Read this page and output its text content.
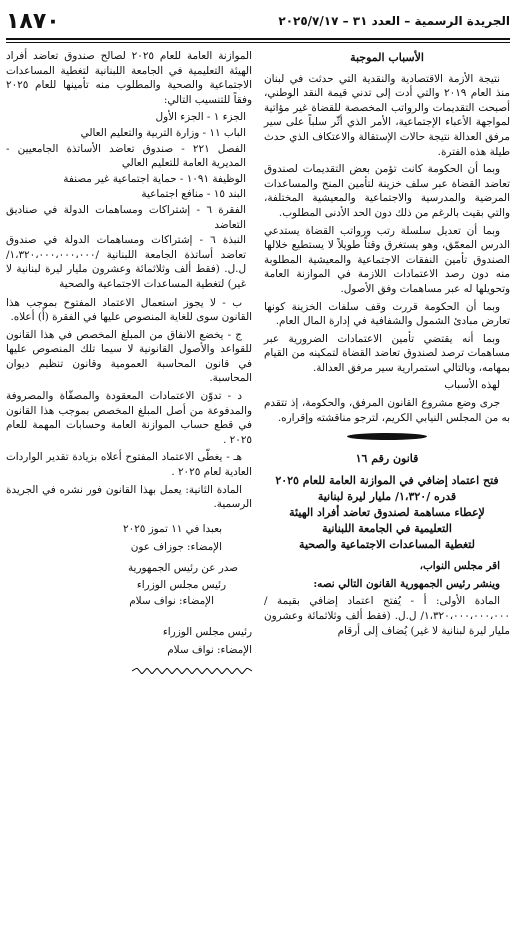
١٨٧٠	الجريدة الرسمية – العدد ٣١ – ٢٠٢٥/٧/١٧
الأسباب الموجبة

نتيجة الأزمة الاقتصادية والنقدية التي حدثت في لبنان منذ العام ٢٠١٩ والتي أدت إلى تدني قيمة النقد الوطني، أصبحت التقديمات والرواتب المخصصة للقضاة غير مؤاتية لمواجهة الأعباء الإجتماعية، الأمر الذي أثّر سلباً على سير مرفق العدالة نتيجة حالات الإستقالة والاعتكاف الذي حدث طيلة هذه الفترة.

وبما أن الحكومة كانت تؤمن بعض التقديمات لصندوق تعاضد القضاة عبر سلف خزينة لتأمين المنح والمساعدات المرضية والمدرسية والاجتماعية والمعيشية المختلفة، والتي بقيت بالرغم من ذلك دون الحد الأدنى المطلوب.

وبما أن تعديل سلسلة رتب ورواتب القضاة يستدعي الدرس المعمّق، وهو يستغرق وقتاً طويلاً لا يستطيع خلالها الصندوق تأمين النفقات الاجتماعية والمعيشية المطلوبة منه دون رصد الاعتمادات اللازمة في الموازنة العامة وتحويلها له عبر مساهمات وفق الأصول.

وبما أن الحكومة قررت وقف سلفات الخزينة كونها تعارض مبادئ الشمول والشفافية في إدارة المال العام.

وبما أنه يقتضي تأمين الاعتمادات الضرورية عبر مساهمات ترصد لصندوق تعاضد القضاة لتمكينه من القيام بمهامه، وبالتالي استمرارية سير مرفق العدالة.

لهذه الأسباب

جرى وضع مشروع القانون المرفق، والحكومة، إذ تتقدم به من المجلس النيابي الكريم، لترجو مناقشته وإقراره.

قانون رقم ١٦
فتح اعتماد إضافي في الموازنة العامة للعام ٢٠٢٥
قدره /١،٣٢٠/ مليار ليرة لبنانية
لإعطاء مساهمة لصندوق تعاضد أفراد الهيئة
التعليمية في الجامعة اللبنانية
لتغطية المساعدات الاجتماعية والصحية

اقر مجلس النواب،

وينشر رئيس الجمهورية القانون التالي نصه:

المادة الأولى: أ - يُفتح اعتماد إضافي بقيمة /١،٣٢٠،٠٠٠،٠٠٠،٠٠٠/ ل.ل. (فقط ألف وثلاثمائة وعشرون مليار ليرة لبنانية لا غير) يُضاف إلى أرقام

الموازنة العامة للعام ٢٠٢٥ لصالح صندوق تعاضد أفراد الهيئة التعليمية في الجامعة اللبنانية لتغطية المساعدات الاجتماعية والصحية والمطلوب منه تأمينها للعام ٢٠٢٥ وفقاً للتنسيب التالي:

الجزء ١ - الجزء الأول
الباب ١١ - وزارة التربية والتعليم العالي
الفصل ٢٢١ - صندوق تعاضد الأساتذة الجامعيين - المديرية العامة للتعليم العالي
الوظيفة ١٠٩١ - حماية اجتماعية غير مصنفة
البند ١٥ - منافع اجتماعية
الفقرة ٦ - إشتراكات ومساهمات الدولة في صناديق التعاضد
النبذة ٦ - إشتراكات ومساهمات الدولة في صندوق تعاضد أساتذة الجامعة اللبنانية /١،٣٢٠،٠٠٠،٠٠٠،٠٠٠/ ل.ل. (فقط ألف وثلاثمائة وعشرون مليار ليرة لبنانية لا غير) لتغطية المساعدات الاجتماعية والصحية

ب - لا يجوز استعمال الاعتماد المفتوح بموجب هذا القانون سوى للغاية المنصوص عليها في الفقرة (أ) أعلاه.

ج - يخضع الانفاق من المبلغ المخصص في هذا القانون للقواعد والأصول القانونية لا سيما تلك المنصوص عليها في قانون المحاسبة العمومية وقانون تنظيم ديوان المحاسبة.

د - تدوّن الاعتمادات المعقودة والمصفّاة والمصروفة والمدفوعة من أصل المبلغ المخصص بموجب هذا القانون في قطع حساب الموازنة العامة وحسابات المهمة للعام ٢٠٢٥ .

هـ - يغطّى الاعتماد المفتوح أعلاه بزيادة تقدير الواردات العادية لعام ٢٠٢٥ .

المادة الثانية: يعمل بهذا القانون فور نشره في الجريدة الرسمية.

بعبدا في ١١ تموز ٢٠٢٥
الإمضاء: جوزاف عون
صدر عن رئيس الجمهورية
رئيس مجلس الوزراء
الإمضاء: نواف سلام
رئيس مجلس الوزراء
الإمضاء: نواف سلام
